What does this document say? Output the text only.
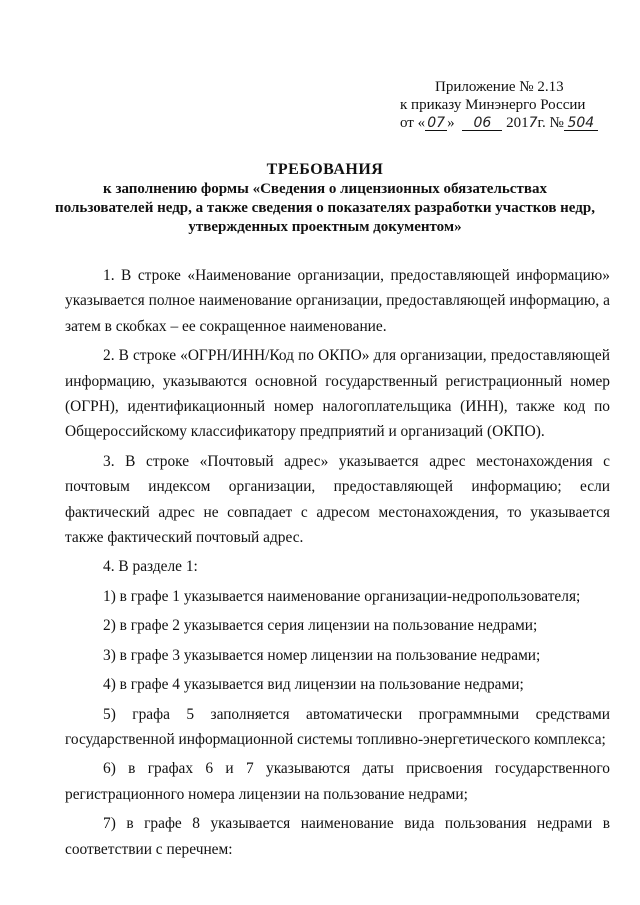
Приложение № 2.13
к приказу Минэнерго России
от « 07 » 06 2017г. № 504
ТРЕБОВАНИЯ
к заполнению формы «Сведения о лицензионных обязательствах
пользователей недр, а также сведения о показателях разработки участков недр,
утвержденных проектным документом»

1. В строке «Наименование организации, предоставляющей информацию» указывается полное наименование организации, предоставляющей информацию, а затем в скобках – ее сокращенное наименование.

2. В строке «ОГРН/ИНН/Код по ОКПО» для организации, предоставляющей информацию, указываются основной государственный регистрационный номер (ОГРН), идентификационный номер налогоплательщика (ИНН), также код по Общероссийскому классификатору предприятий и организаций (ОКПО).

3. В строке «Почтовый адрес» указывается адрес местонахождения с почтовым индексом организации, предоставляющей информацию; если фактический адрес не совпадает с адресом местонахождения, то указывается также фактический почтовый адрес.

4. В разделе 1:

1) в графе 1 указывается наименование организации-недропользователя;

2) в графе 2 указывается серия лицензии на пользование недрами;

3) в графе 3 указывается номер лицензии на пользование недрами;

4) в графе 4 указывается вид лицензии на пользование недрами;

5) графа 5 заполняется автоматически программными средствами государственной информационной системы топливно-энергетического комплекса;

6) в графах 6 и 7 указываются даты присвоения государственного регистрационного номера лицензии на пользование недрами;

7) в графе 8 указывается наименование вида пользования недрами в соответствии с перечнем:
